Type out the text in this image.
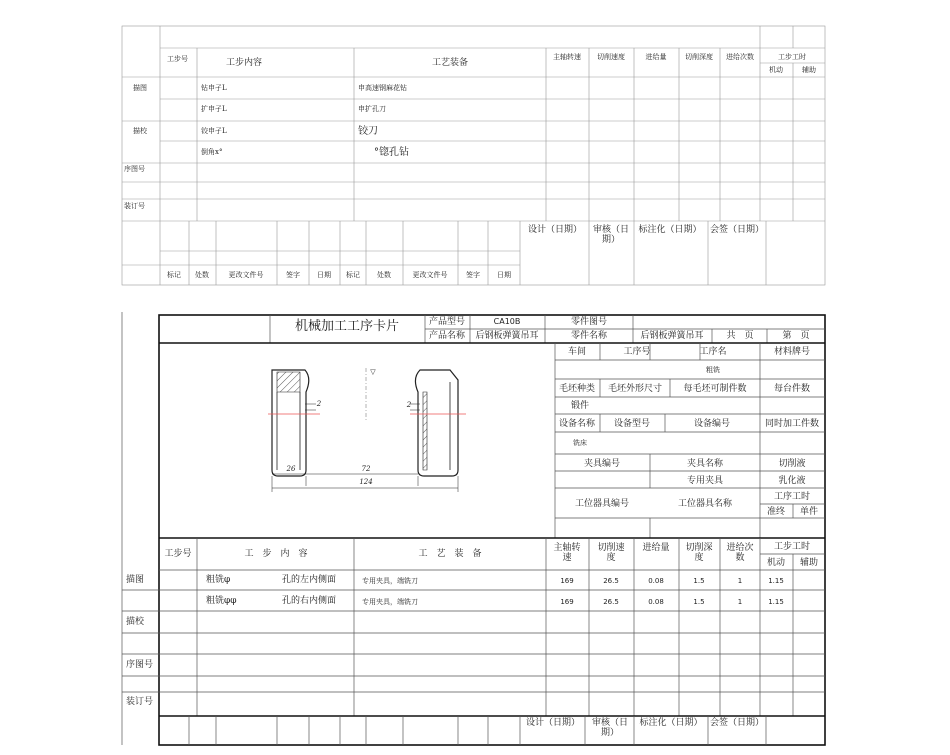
工步号	工步内容	工艺装备
主轴转速	切削速度	进给量	切削深度	进给次数	工步工时
机动	辅助
描图
描校
序图号
装订号
钻申孑L	申高速钢麻花钻
扩申孑L	申扩孔刀
铰申孑L	铰刀
倒角x°	°锪孔钻
设计（日期）	审核（日期）
标注化（日期） 会签（日期）
标记 处数	更改文件号	签字 日期 标记 处数	更改文件号	签字 日期
机械加工工序卡片	产品型号	CA10B
产品名称 后钢板弹簧吊耳
零件图号
零件名称	后钢板弹簧吊耳	共　页	第　页
车间	工序号	工序名	材料牌号
粗铣
毛坯种类 毛坯外形尺寸 每毛坯可制件数	每台件数
锻件
设备名称 设备型号	设备编号	同时加工件数
铣床
夹具编号	夹具名称	切削液
专用夹具	乳化液
工位器具编号	工位器具名称
工序工时
准终 单件
▽
2	2
26	72
124
工步号	工　步　内　容	工　艺　装　备
主轴转速
切削速度
进给量	切削深度
进给次数
工步工时
机动 辅助
粗铣φ	孔的左内侧面	专用夹具，端铣刀	169	26.5	0.08	1.5	1	1.15
粗铣φφ	孔的右内侧面	专用夹具，端铣刀	169	26.5	0.08	1.5	1	1.15
描图
描校
序图号
装订号
设计（日期）	审核（日期）
标注化（日期） 会签（日期）
